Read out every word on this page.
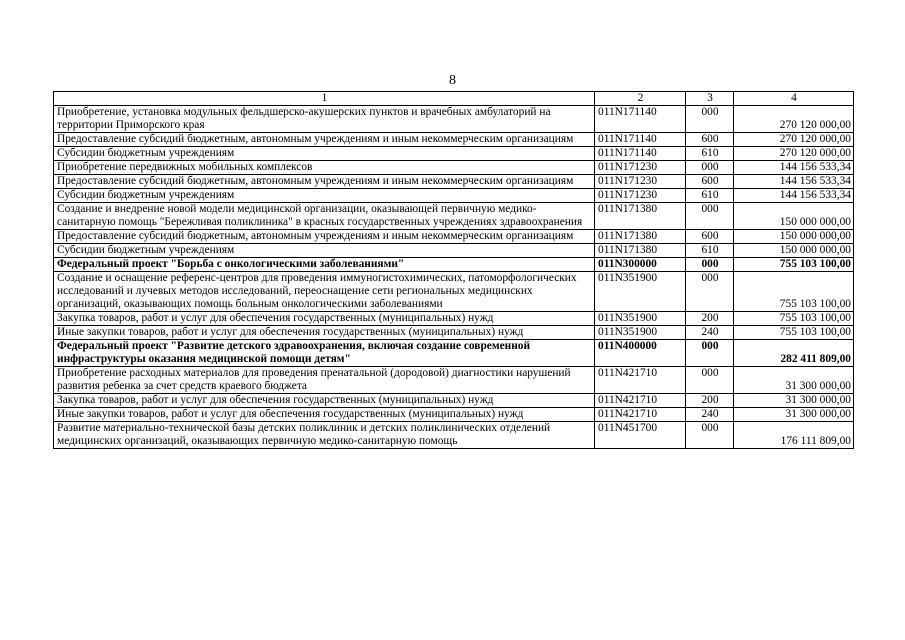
8
1	2	3	4
Приобретение, установка модульных фельдшерско-акушерских пунктов и врачебных амбулаторий на территории Приморского края	011N171140	000	270 120 000,00
Предоставление субсидий бюджетным, автономным учреждениям и иным некоммерческим организациям	011N171140	600	270 120 000,00
Субсидии бюджетным учреждениям	011N171140	610	270 120 000,00
Приобретение передвижных мобильных комплексов	011N171230	000	144 156 533,34
Предоставление субсидий бюджетным, автономным учреждениям и иным некоммерческим организациям	011N171230	600	144 156 533,34
Субсидии бюджетным учреждениям	011N171230	610	144 156 533,34
Создание и внедрение новой модели медицинской организации, оказывающей первичную медико-санитарную помощь "Бережливая поликлиника" в красных государственных учреждениях здравоохранения	011N171380	000	150 000 000,00
Предоставление субсидий бюджетным, автономным учреждениям и иным некоммерческим организациям	011N171380	600	150 000 000,00
Субсидии бюджетным учреждениям	011N171380	610	150 000 000,00
Федеральный проект "Борьба с онкологическими заболеваниями"	011N300000	000	755 103 100,00
Создание и оснащение референс-центров для проведения иммуногистохимических, патоморфологических исследований и лучевых методов исследований, переоснащение сети региональных медицинских организаций, оказывающих помощь больным онкологическими заболеваниями	011N351900	000	755 103 100,00
Закупка товаров, работ и услуг для обеспечения государственных (муниципальных) нужд	011N351900	200	755 103 100,00
Иные закупки товаров, работ и услуг для обеспечения государственных (муниципальных) нужд	011N351900	240	755 103 100,00
Федеральный проект "Развитие детского здравоохранения, включая создание современной инфраструктуры оказания медицинской помощи детям"	011N400000	000	282 411 809,00
Приобретение расходных материалов для проведения пренатальной (дородовой) диагностики нарушений развития ребенка за счет средств краевого бюджета	011N421710	000	31 300 000,00
Закупка товаров, работ и услуг для обеспечения государственных (муниципальных) нужд	011N421710	200	31 300 000,00
Иные закупки товаров, работ и услуг для обеспечения государственных (муниципальных) нужд	011N421710	240	31 300 000,00
Развитие материально-технической базы детских поликлиник и детских поликлинических отделений медицинских организаций, оказывающих первичную медико-санитарную помощь	011N451700	000	176 111 809,00
